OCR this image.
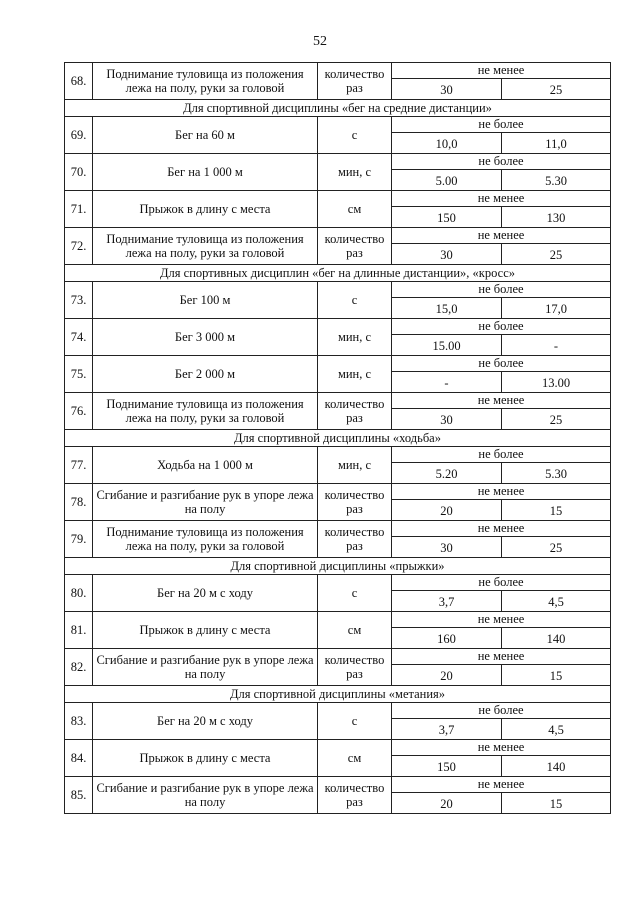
52
68.	Поднимание туловища из положения лежа на полу, руки за головой	количество раз	не менее	
			30	25
Для спортивной дисциплины «бег на средние дистанции»				
69.	Бег на 60 м	с	не более	
			10,0	11,0
70.	Бег на 1 000 м	мин, с	не более	
			5.00	5.30
71.	Прыжок в длину с места	см	не менее	
			150	130
72.	Поднимание туловища из положения лежа на полу, руки за головой	количество раз	не менее	
			30	25
Для спортивных дисциплин «бег на длинные дистанции», «кросс»				
73.	Бег 100 м	с	не более	
			15,0	17,0
74.	Бег 3 000 м	мин, с	не более	
			15.00	-
75.	Бег 2 000 м	мин, с	не более	
			-	13.00
76.	Поднимание туловища из положения лежа на полу, руки за головой	количество раз	не менее	
			30	25
Для спортивной дисциплины «ходьба»				
77.	Ходьба на 1 000 м	мин, с	не более	
			5.20	5.30
78.	Сгибание и разгибание рук в упоре лежа на полу	количество раз	не менее	
			20	15
79.	Поднимание туловища из положения лежа на полу, руки за головой	количество раз	не менее	
			30	25
Для спортивной дисциплины «прыжки»				
80.	Бег на 20 м с ходу	с	не более	
			3,7	4,5
81.	Прыжок в длину с места	см	не менее	
			160	140
82.	Сгибание и разгибание рук в упоре лежа на полу	количество раз	не менее	
			20	15
Для спортивной дисциплины «метания»				
83.	Бег на 20 м с ходу	с	не более	
			3,7	4,5
84.	Прыжок в длину с места	см	не менее	
			150	140
85.	Сгибание и разгибание рук в упоре лежа на полу	количество раз	не менее	
			20	15
